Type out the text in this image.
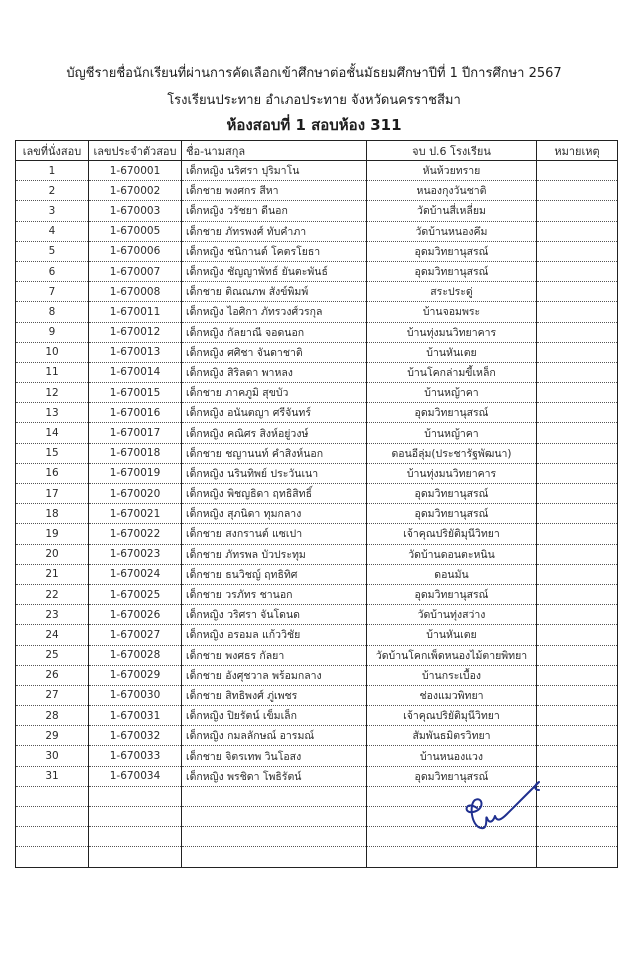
บัญชีรายชื่อนักเรียนที่ผ่านการคัดเลือกเข้าศึกษาต่อชั้นมัธยมศึกษาปีที่ 1 ปีการศึกษา 2567
โรงเรียนประทาย อำเภอประทาย จังหวัดนครราชสีมา
ห้องสอบที่ 1 สอบห้อง 311
เลขที่นั่งสอบ	เลขประจำตัวสอบ	ชื่อ-นามสกุล	จบ ป.6 โรงเรียน	หมายเหตุ
1	1-670001	เด็กหญิง นริศรา ปุริมาโน	หันห้วยทราย	
2	1-670002	เด็กชาย พงศกร สีหา	หนองกุงวันชาติ	
3	1-670003	เด็กหญิง วรัชยา ดีนอก	วัดบ้านสี่เหลี่ยม	
4	1-670005	เด็กชาย ภัทรพงศ์ ทับคำภา	วัดบ้านหนองคึม	
5	1-670006	เด็กหญิง ชนิกานต์ โคตรโยธา	อุดมวิทยานุสรณ์	
6	1-670007	เด็กหญิง ชัญญาพัทธ์ ยันตะพันธ์	อุดมวิทยานุสรณ์	
7	1-670008	เด็กชาย ติณณภพ สังข์พิมพ์	สระประดู่	
8	1-670011	เด็กหญิง ไอศิกา ภัทรวงศ์วรกุล	บ้านจอมพระ	
9	1-670012	เด็กหญิง กัลยาณี จอดนอก	บ้านทุ่งมนวิทยาคาร	
10	1-670013	เด็กหญิง ศศิชา จันดาชาติ	บ้านหันเตย	
11	1-670014	เด็กหญิง สิริลดา พาหลง	บ้านโคกล่ามขี้เหล็ก	
12	1-670015	เด็กชาย ภาคภูมิ สุขบัว	บ้านหญ้าคา	
13	1-670016	เด็กหญิง อนันตญา ศรีจันทร์	อุดมวิทยานุสรณ์	
14	1-670017	เด็กหญิง คณิศร สิงห์อยู่วงษ์	บ้านหญ้าคา	
15	1-670018	เด็กชาย ชญานนท์ คำสิงห์นอก	ดอนอีลุ่ม(ประชารัฐพัฒนา)	
16	1-670019	เด็กหญิง นรินทิพย์ ประวันเนา	บ้านทุ่งมนวิทยาคาร	
17	1-670020	เด็กหญิง พิชญธิดา ฤทธิสิทธิ์	อุดมวิทยานุสรณ์	
18	1-670021	เด็กหญิง สุภนิดา ทุมกลาง	อุดมวิทยานุสรณ์	
19	1-670022	เด็กชาย สงกรานต์ แซเปา	เจ้าคุณปริยัติมุนีวิทยา	
20	1-670023	เด็กชาย ภัทรพล บัวประทุม	วัดบ้านดอนตะหนิน	
21	1-670024	เด็กชาย ธนวิชญ์ ฤทธิทิศ	ดอนมัน	
22	1-670025	เด็กชาย วรภัทร ชานอก	อุดมวิทยานุสรณ์	
23	1-670026	เด็กหญิง วริศรา จันโดนด	วัดบ้านทุ่งสว่าง	
24	1-670027	เด็กหญิง อรอมล แก้ววิชัย	บ้านหันเตย	
25	1-670028	เด็กชาย พงศธร กัลยา	วัดบ้านโคกเพ็ดหนองไม้ตายพิทยา	
26	1-670029	เด็กชาย อังศุชวาล พร้อมกลาง	บ้านกระเบื้อง	
27	1-670030	เด็กชาย สิทธิพงศ์ ภู่เพชร	ช่องแมวพิทยา	
28	1-670031	เด็กหญิง ปิยรัตน์ เข็มเล็ก	เจ้าคุณปริยัติมุนีวิทยา	
29	1-670032	เด็กหญิง กมลลักษณ์ อารมณ์	สัมพันธมิตรวิทยา	
30	1-670033	เด็กชาย จิตรเทพ วินโอสง	บ้านหนองแวง	
31	1-670034	เด็กหญิง พรชิดา โพธิรัตน์	อุดมวิทยานุสรณ์	
